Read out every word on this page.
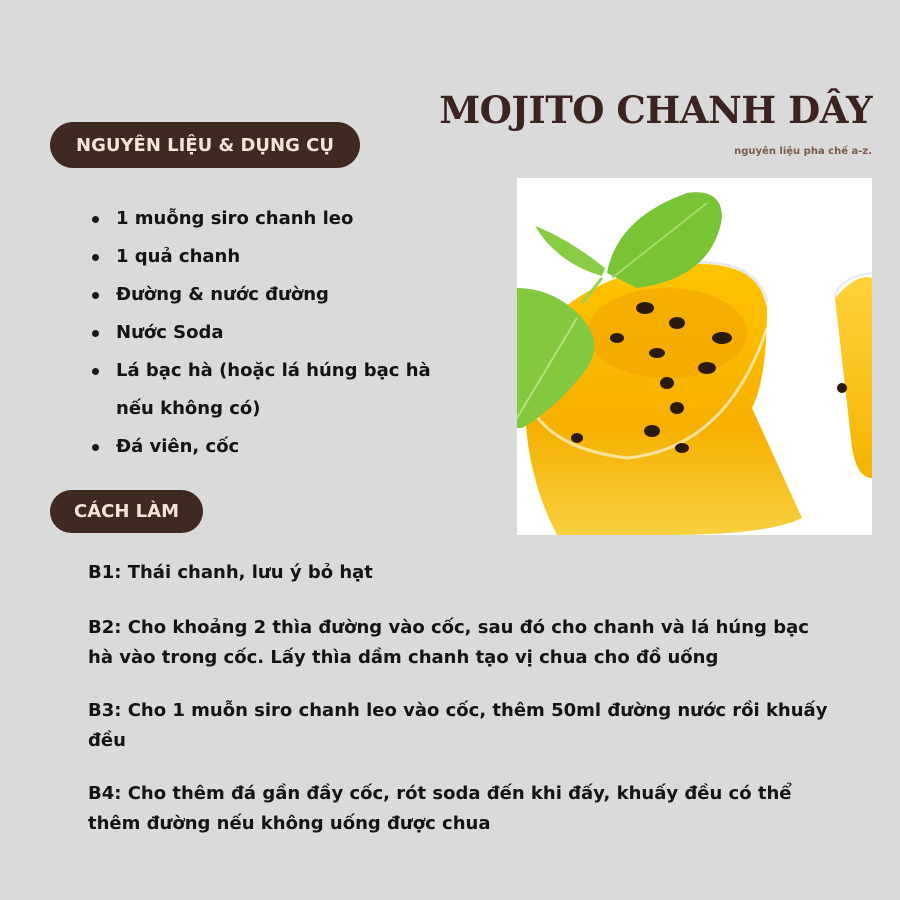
MOJITO CHANH DÂY
nguyên liệu pha chế a-z.
NGUYÊN LIỆU & DỤNG CỤ
1 muỗng siro chanh leo
1 quả chanh
Đường & nước đường
Nước Soda
Lá bạc hà (hoặc lá húng bạc hà nếu không có)
Đá viên, cốc
CÁCH LÀM
B1: Thái chanh, lưu ý bỏ hạt
B2: Cho khoảng 2 thìa đường vào cốc, sau đó cho chanh và lá húng bạc hà vào trong cốc. Lấy thìa dầm chanh tạo vị chua cho đồ uống
B3: Cho 1 muỗn siro chanh leo vào cốc, thêm 50ml đường nước rồi khuấy đều
B4: Cho thêm đá gần đầy cốc, rót soda đến khi đấy, khuấy đều có thể thêm đường nếu không uống được chua
